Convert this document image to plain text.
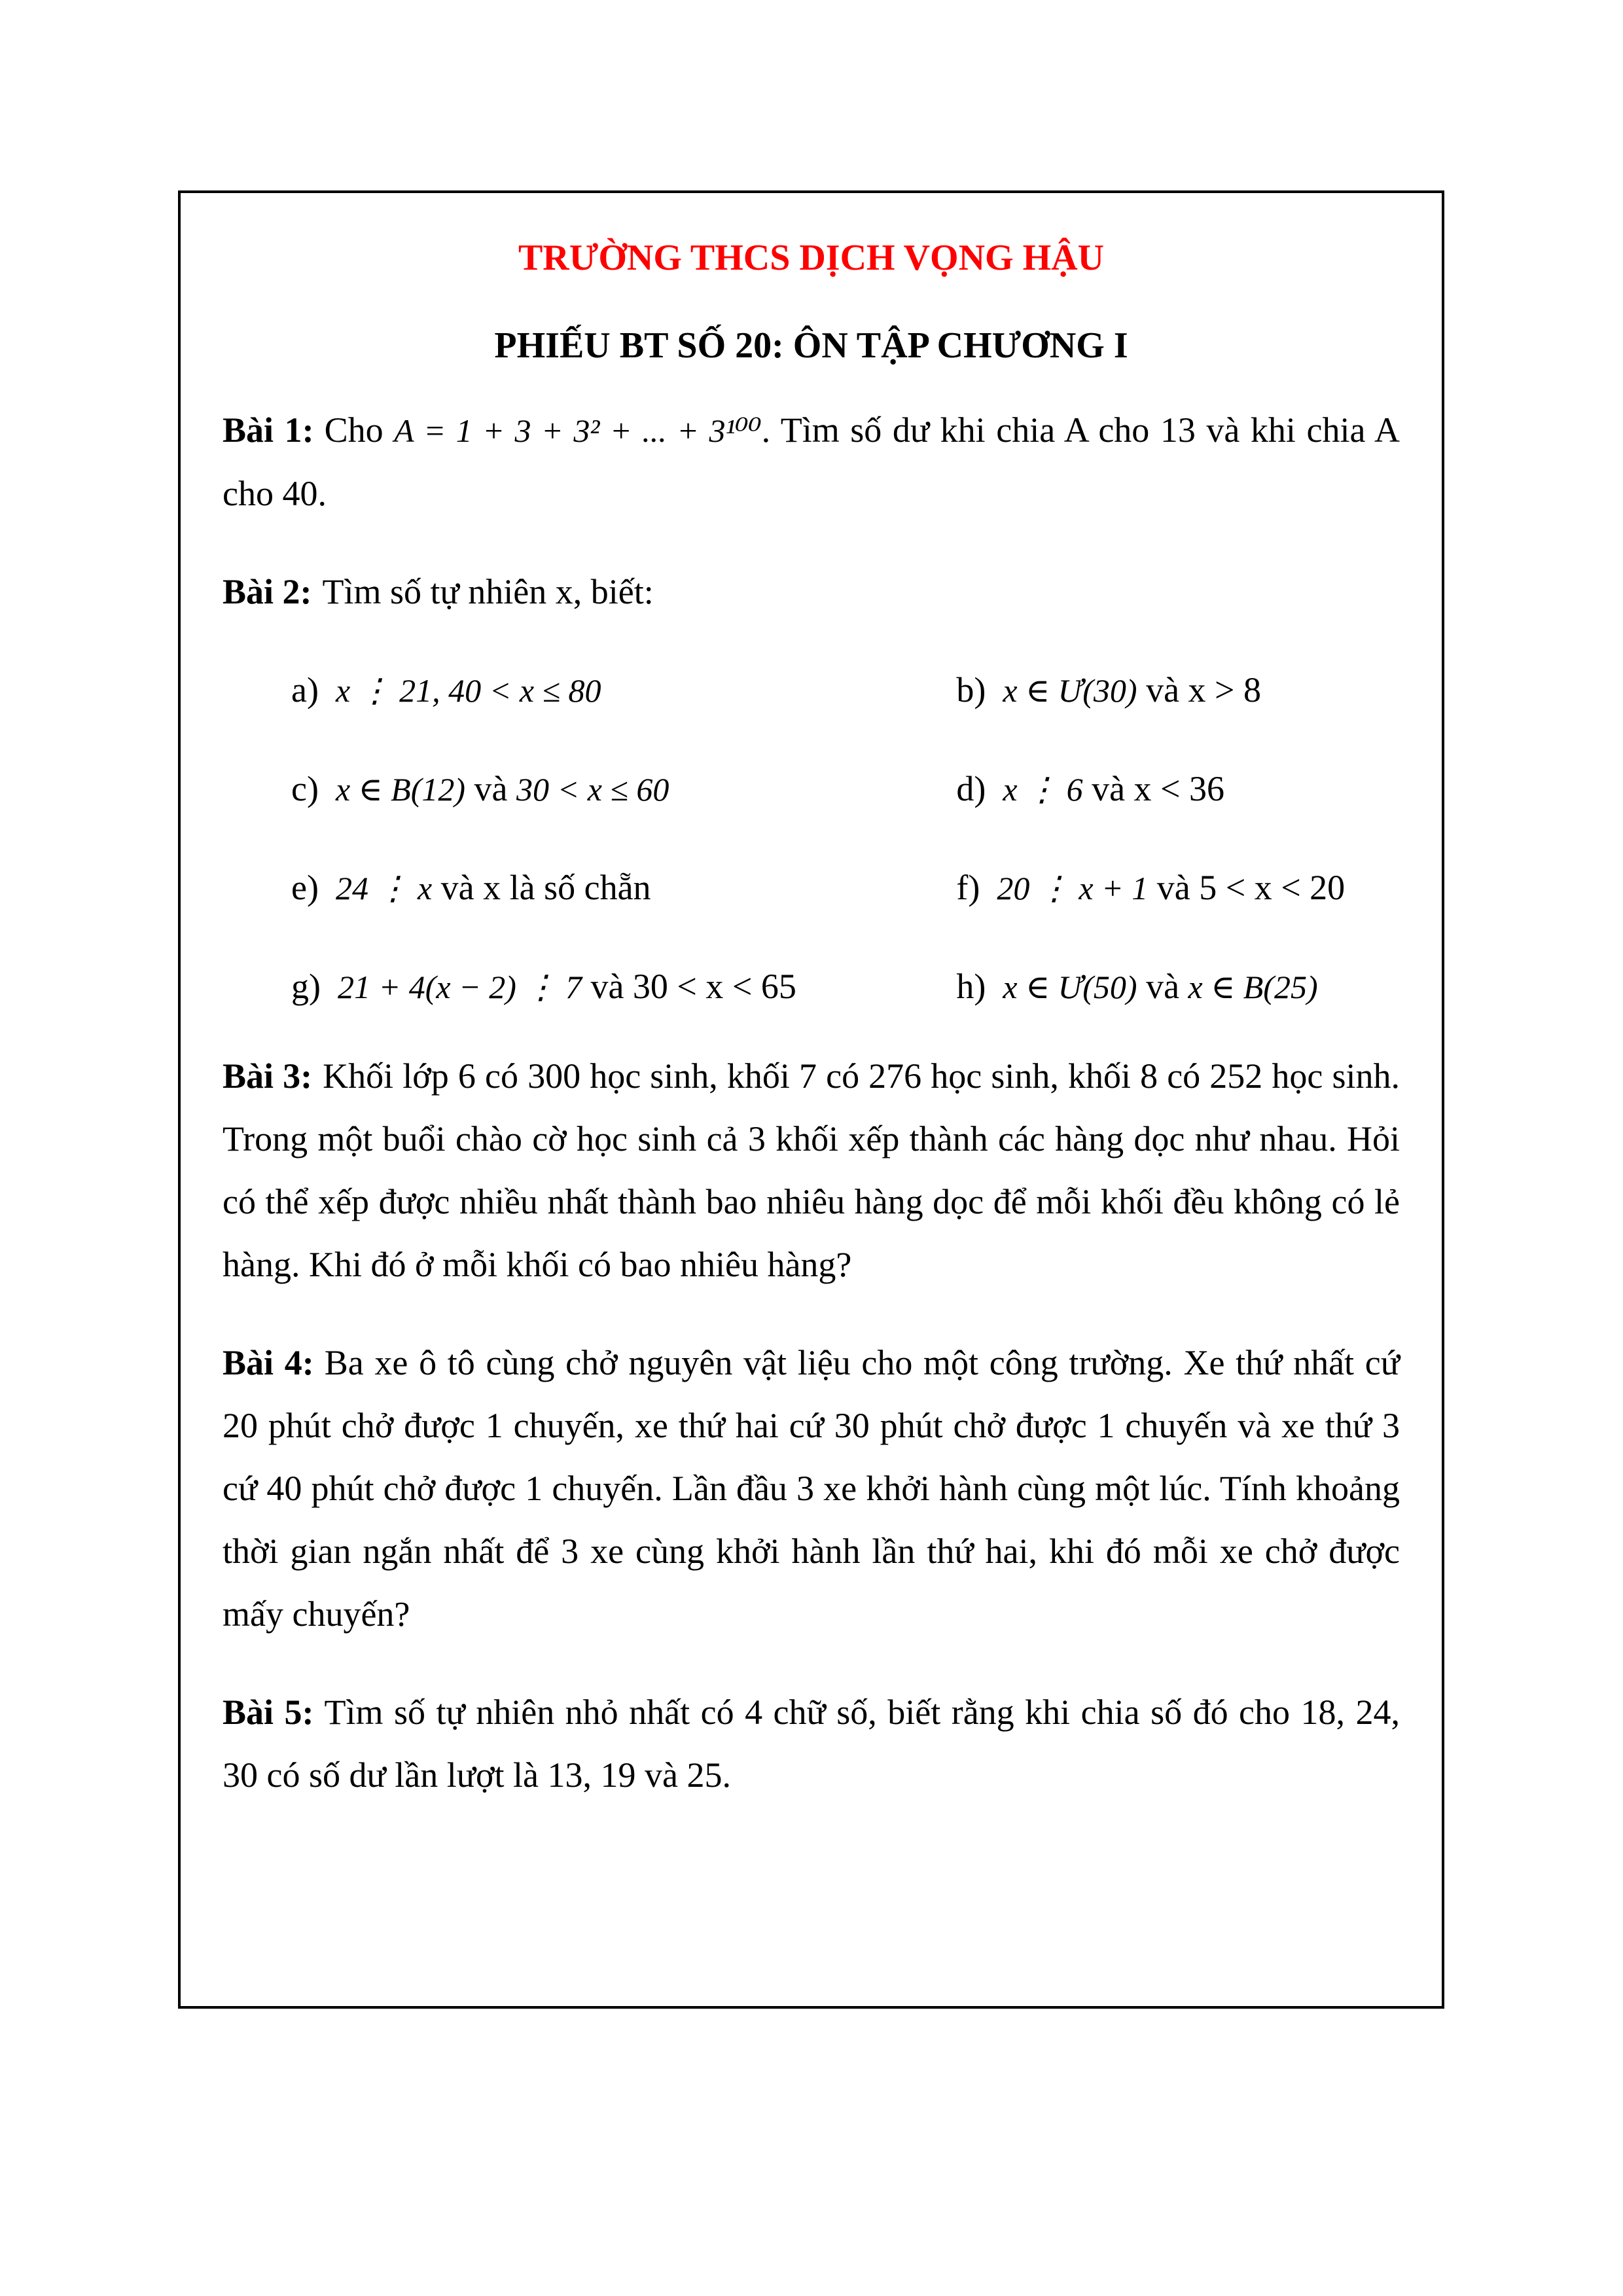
TRƯỜNG THCS DỊCH VỌNG HẬU
PHIẾU BT SỐ 20: ÔN TẬP CHƯƠNG I

Bài 1: Cho A = 1 + 3 + 3² + ... + 3¹⁰⁰. Tìm số dư khi chia A cho 13 và khi chia A cho 40.

Bài 2: Tìm số tự nhiên x, biết:

a) x ⋮ 21, 40 < x ≤ 80	b) x ∈ Ư(30) và x > 8
c) x ∈ B(12) và 30 < x ≤ 60	d) x ⋮ 6 và x < 36
e) 24 ⋮ x và x là số chẵn	f) 20 ⋮ x + 1 và 5 < x < 20
g) 21 + 4(x − 2) ⋮ 7 và 30 < x < 65	h) x ∈ Ư(50) và x ∈ B(25)

Bài 3: Khối lớp 6 có 300 học sinh, khối 7 có 276 học sinh, khối 8 có 252 học sinh. Trong một buổi chào cờ học sinh cả 3 khối xếp thành các hàng dọc như nhau. Hỏi có thể xếp được nhiều nhất thành bao nhiêu hàng dọc để mỗi khối đều không có lẻ hàng. Khi đó ở mỗi khối có bao nhiêu hàng?

Bài 4: Ba xe ô tô cùng chở nguyên vật liệu cho một công trường. Xe thứ nhất cứ 20 phút chở được 1 chuyến, xe thứ hai cứ 30 phút chở được 1 chuyến và xe thứ 3 cứ 40 phút chở được 1 chuyến. Lần đầu 3 xe khởi hành cùng một lúc. Tính khoảng thời gian ngắn nhất để 3 xe cùng khởi hành lần thứ hai, khi đó mỗi xe chở được mấy chuyến?

Bài 5: Tìm số tự nhiên nhỏ nhất có 4 chữ số, biết rằng khi chia số đó cho 18, 24, 30 có số dư lần lượt là 13, 19 và 25.
